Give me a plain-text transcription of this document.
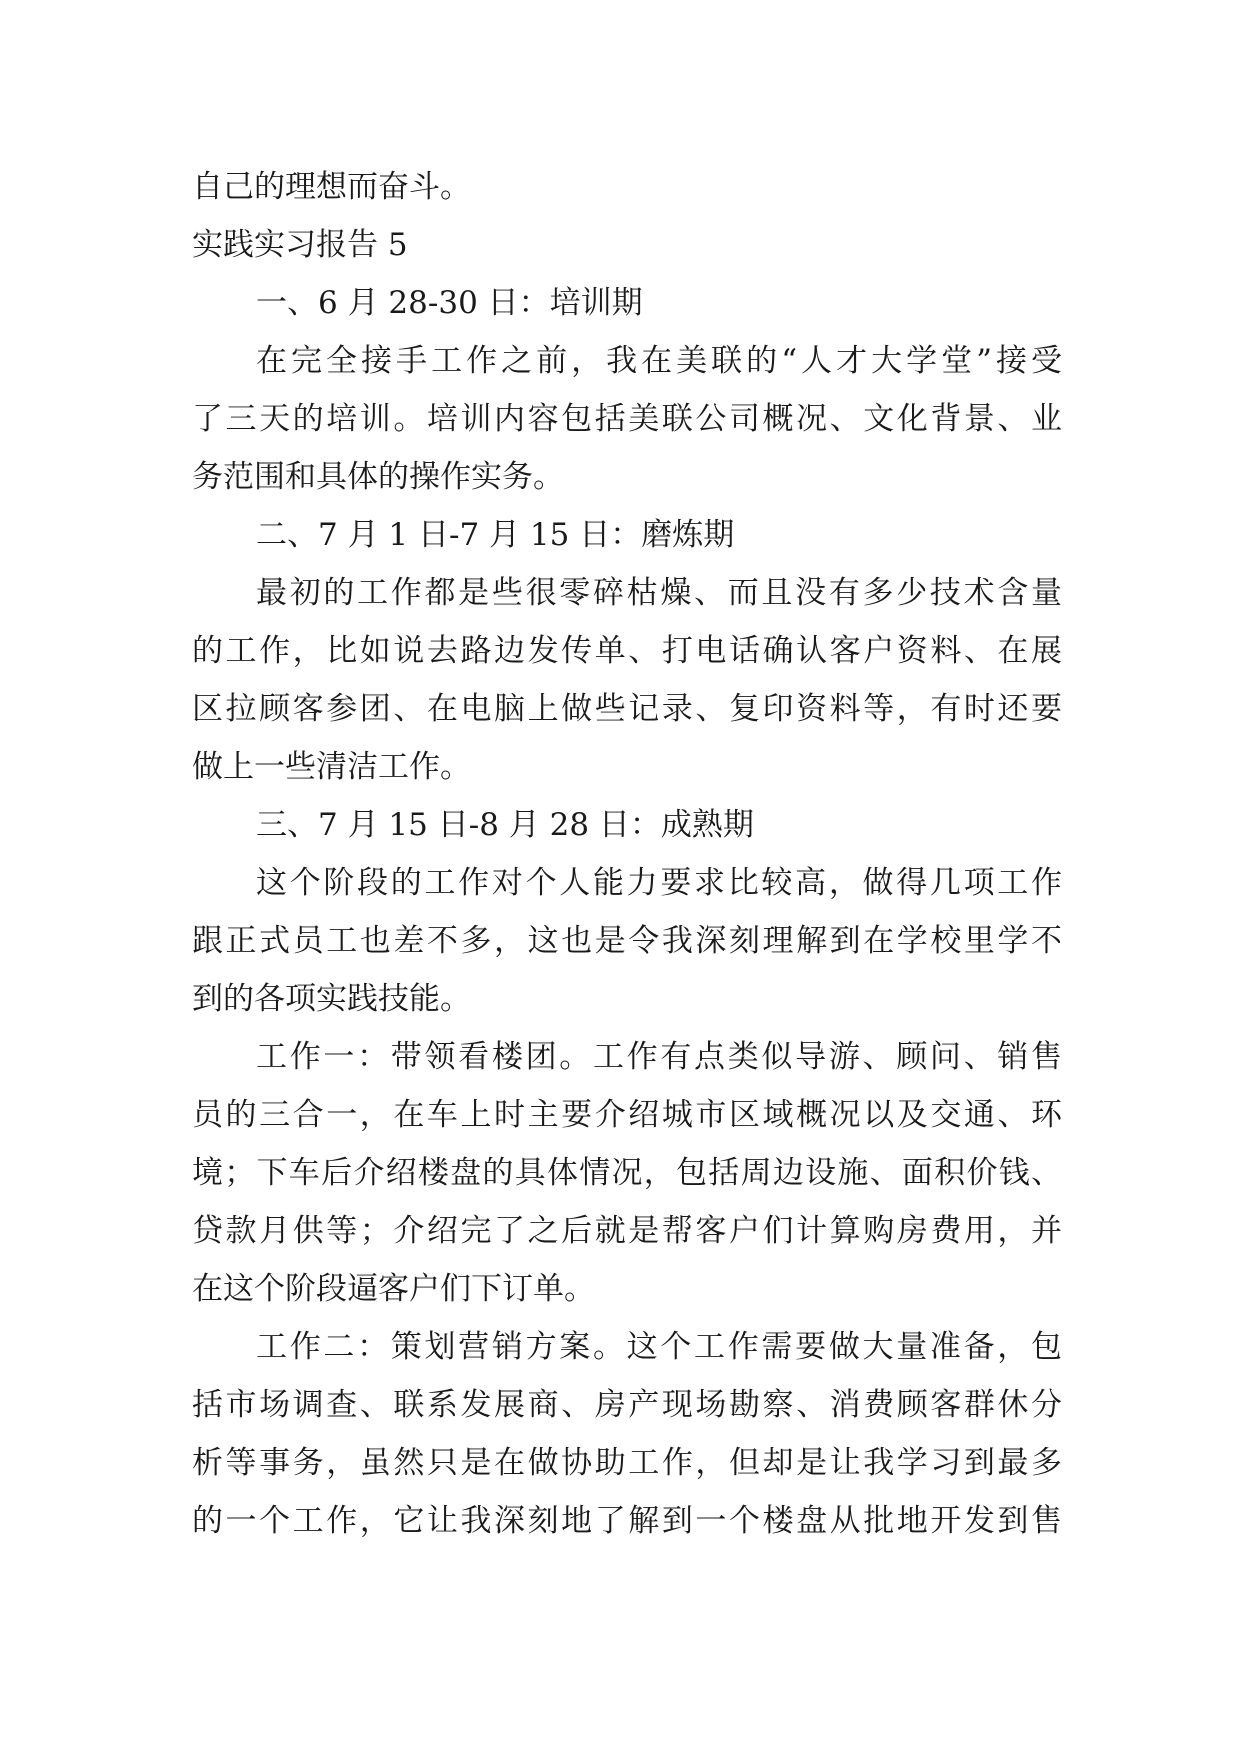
自己的理想而奋斗。
实践实习报告 5
一、6 月 28-30 日：培训期
在完全接手工作之前，我在美联的“人才大学堂”接受
了三天的培训。培训内容包括美联公司概况、文化背景、业
务范围和具体的操作实务。
二、7 月 1 日-7 月 15 日：磨炼期
最初的工作都是些很零碎枯燥、而且没有多少技术含量
的工作，比如说去路边发传单、打电话确认客户资料、在展
区拉顾客参团、在电脑上做些记录、复印资料等，有时还要
做上一些清洁工作。
三、7 月 15 日-8 月 28 日：成熟期
这个阶段的工作对个人能力要求比较高，做得几项工作
跟正式员工也差不多，这也是令我深刻理解到在学校里学不
到的各项实践技能。
工作一：带领看楼团。工作有点类似导游、顾问、销售
员的三合一，在车上时主要介绍城市区域概况以及交通、环
境；下车后介绍楼盘的具体情况，包括周边设施、面积价钱、
贷款月供等；介绍完了之后就是帮客户们计算购房费用，并
在这个阶段逼客户们下订单。
工作二：策划营销方案。这个工作需要做大量准备，包
括市场调查、联系发展商、房产现场勘察、消费顾客群休分
析等事务，虽然只是在做协助工作，但却是让我学习到最多
的一个工作，它让我深刻地了解到一个楼盘从批地开发到售
